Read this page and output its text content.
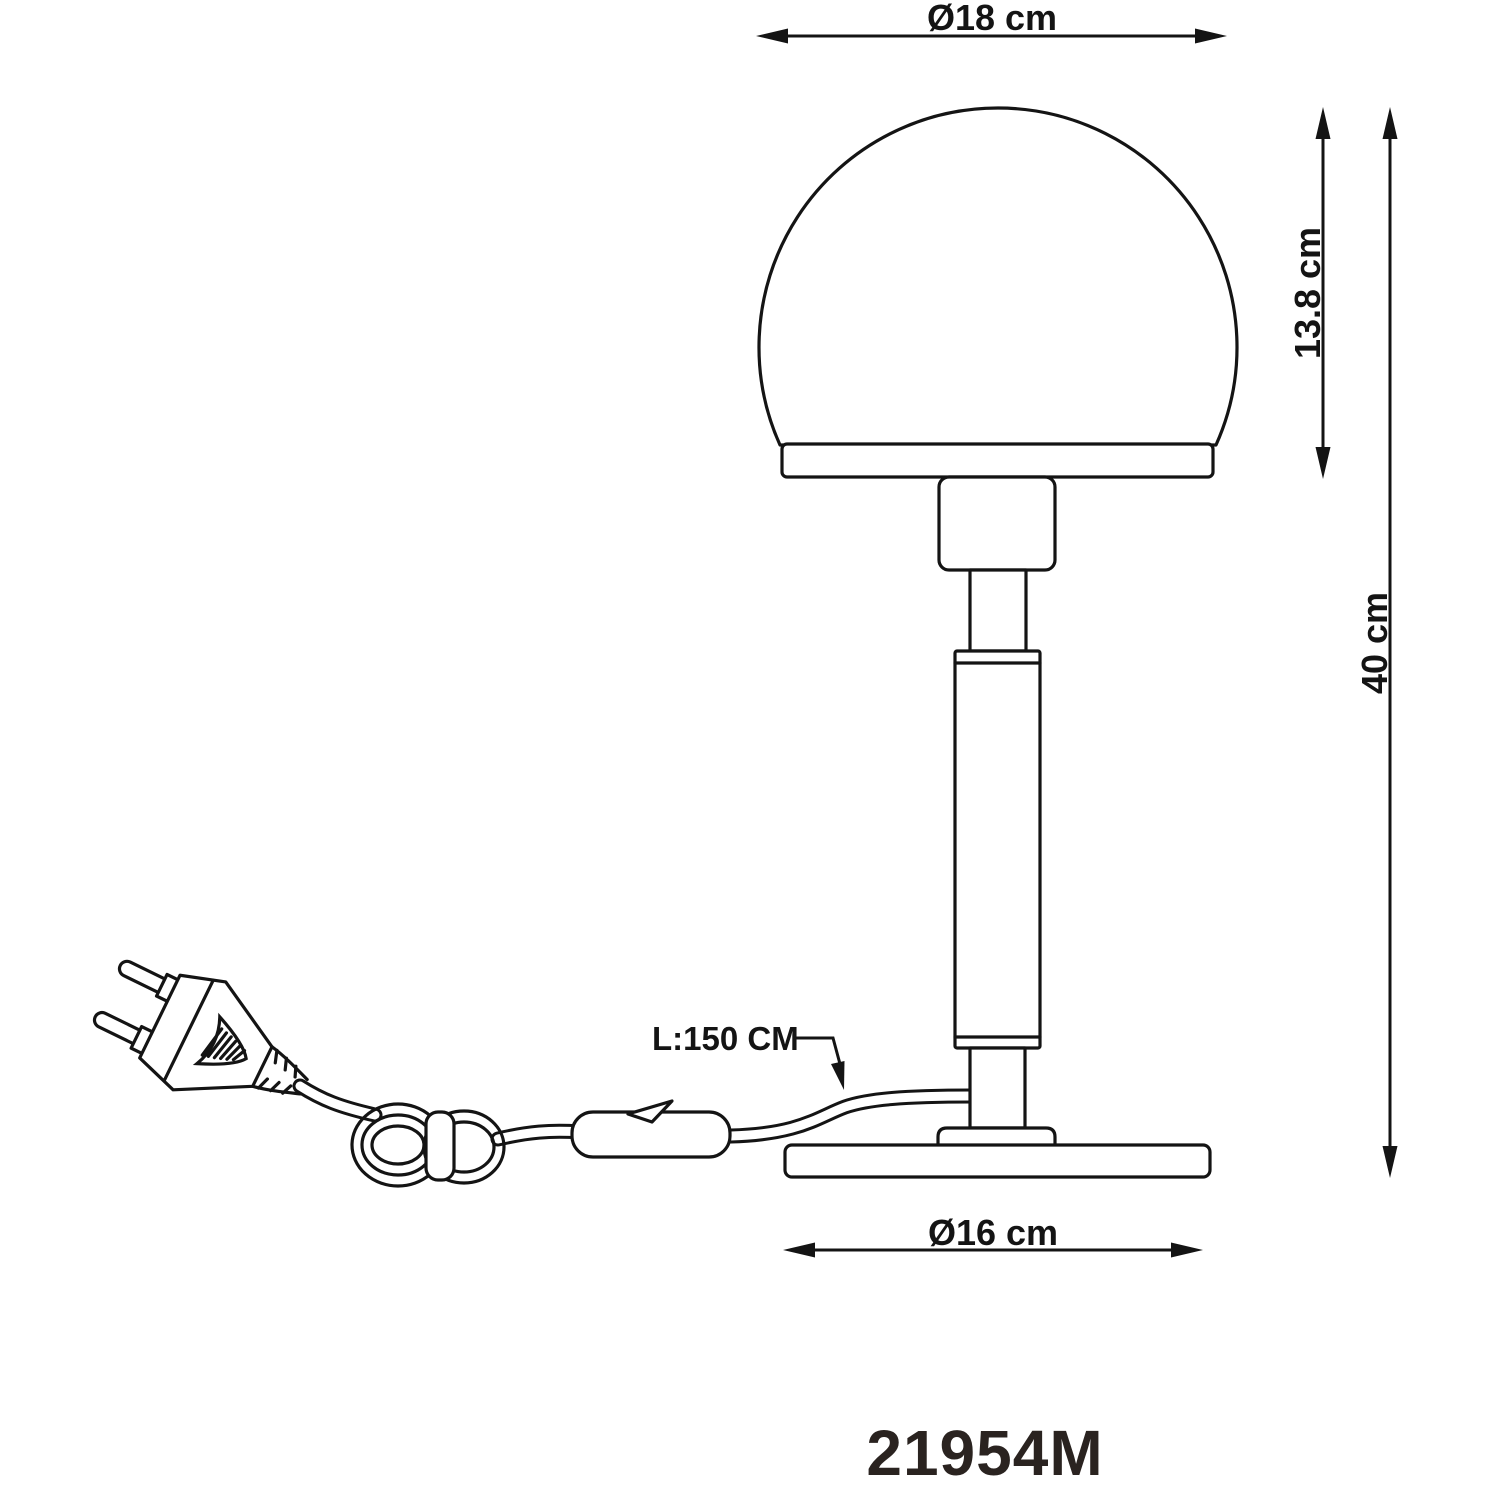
Ø18 cm
13.8 cm
40 cm
Ø16 cm
L:150 CM
21954M
